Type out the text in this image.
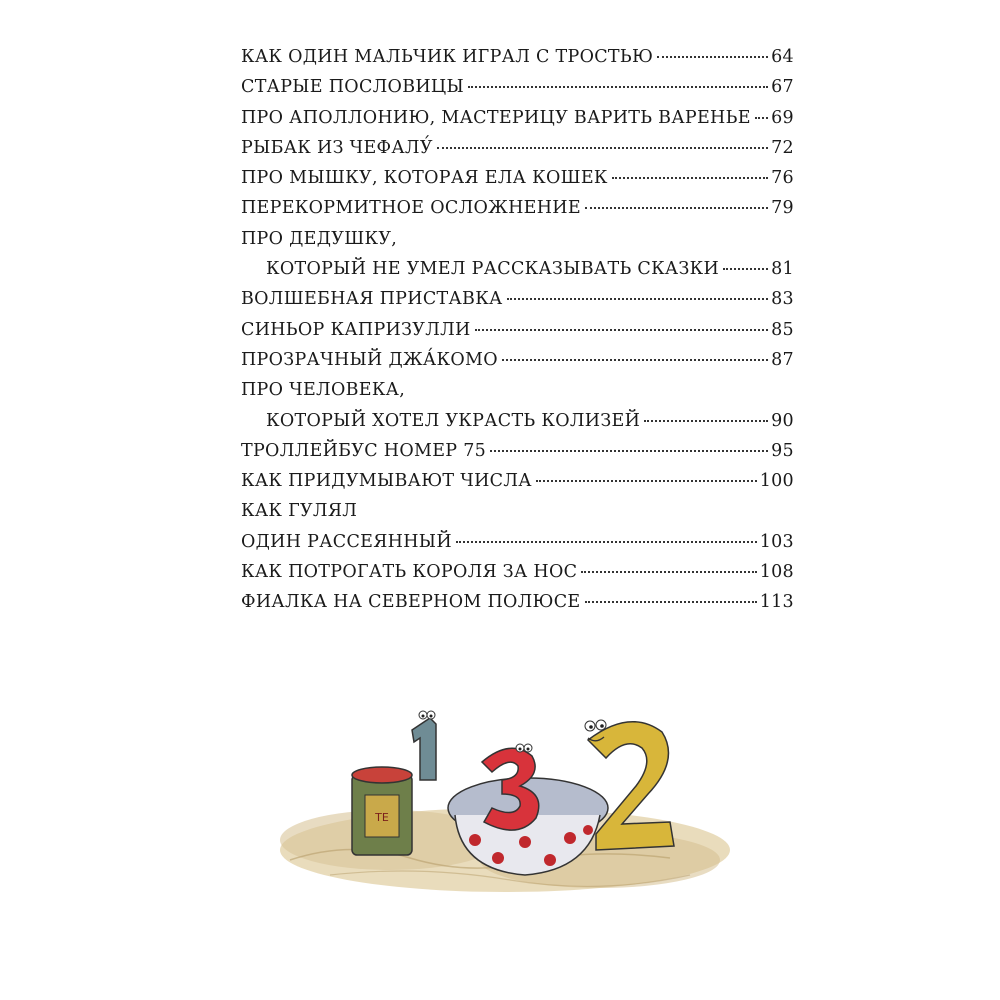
КАК ОДИН МАЛЬЧИК ИГРАЛ С ТРОСТЬЮ	64
СТАРЫЕ ПОСЛОВИЦЫ	67
ПРО АПОЛЛОНИЮ, МАСТЕРИЦУ ВАРИТЬ ВАРЕНЬЕ 69
РЫБАК ИЗ ЧЕФАЛУ́	72
ПРО МЫШКУ, КОТОРАЯ ЕЛА КОШЕК	76
ПЕРЕКОРМИТНОЕ ОСЛОЖНЕНИЕ	79
ПРО ДЕДУШКУ,
КОТОРЫЙ НЕ УМЕЛ РАССКАЗЫВАТЬ СКАЗКИ	81
ВОЛШЕБНАЯ ПРИСТАВКА	83
СИНЬОР КАПРИЗУЛЛИ	85
ПРОЗРАЧНЫЙ ДЖА́КОМО	87
ПРО ЧЕЛОВЕКА,
КОТОРЫЙ ХОТЕЛ УКРАСТЬ КОЛИЗЕЙ	90
ТРОЛЛЕЙБУС НОМЕР 75	95
КАК ПРИДУМЫВАЮТ ЧИСЛА	100
КАК ГУЛЯЛ
ОДИН РАССЕЯННЫЙ	103
КАК ПОТРОГАТЬ КОРОЛЯ ЗА НОС	108
ФИАЛКА НА СЕВЕРНОМ ПОЛЮСЕ	113
ТЕ
